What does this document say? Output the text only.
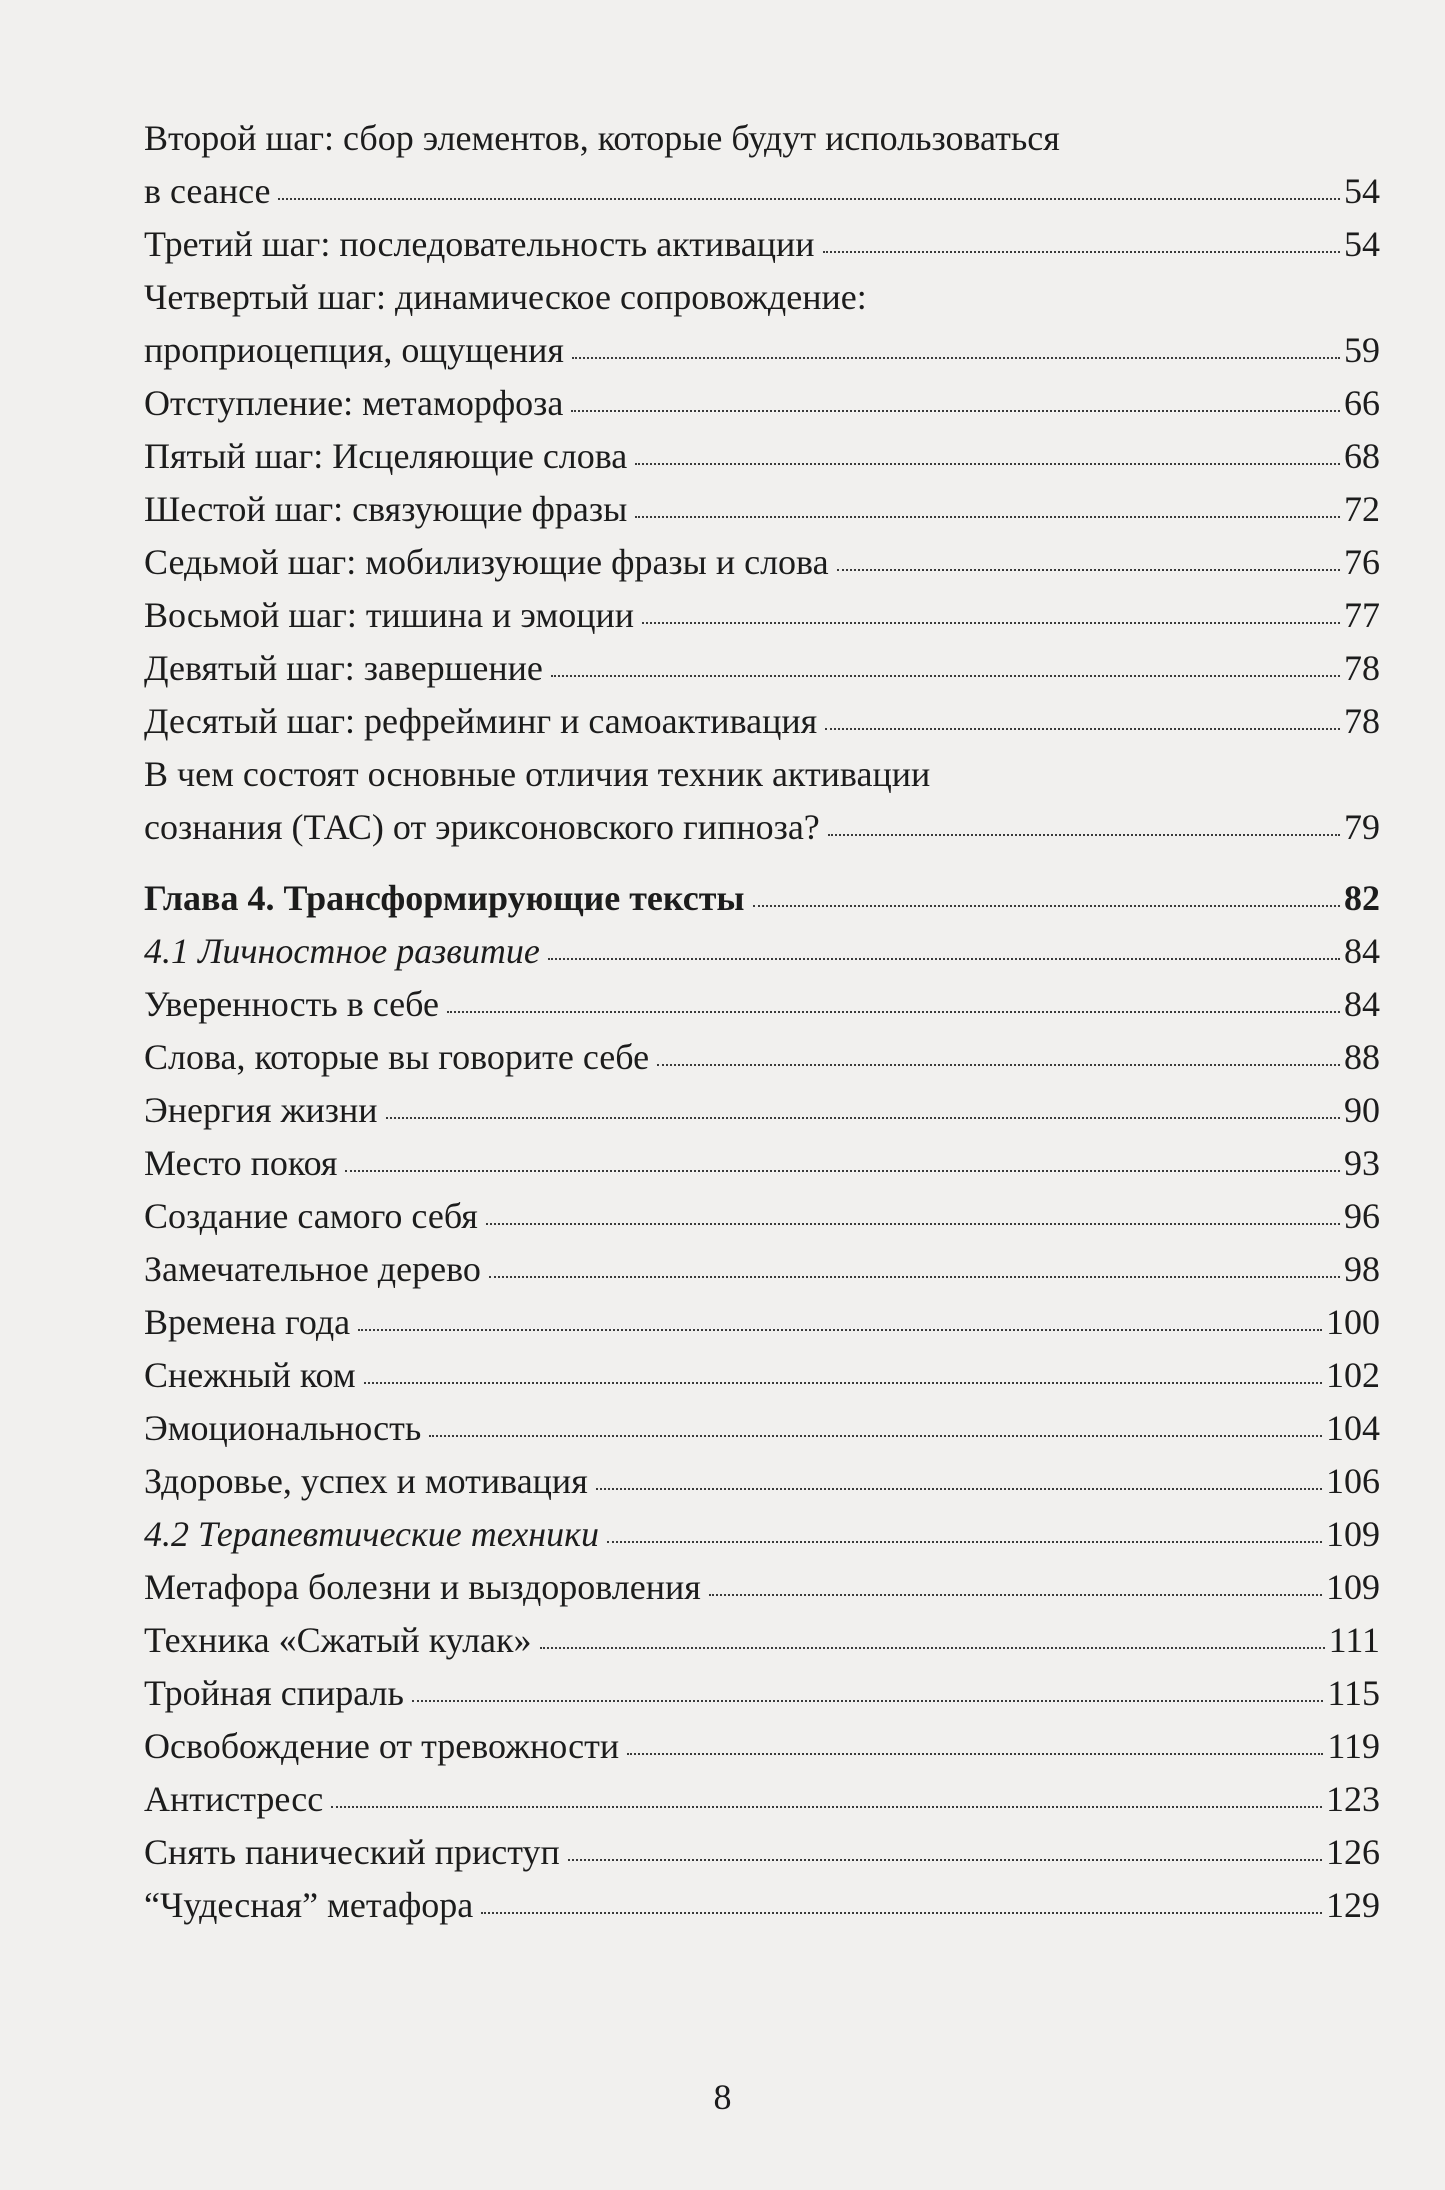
Второй шаг: сбор элементов, которые будут использоваться
в сеансе	54
Третий шаг: последовательность активации	54
Четвертый шаг: динамическое сопровождение:
проприоцепция, ощущения	59
Отступление: метаморфоза	66
Пятый шаг: Исцеляющие слова	68
Шестой шаг: связующие фразы	72
Седьмой шаг: мобилизующие фразы и слова	76
Восьмой шаг: тишина и эмоции	77
Девятый шаг: завершение	78
Десятый шаг: рефрейминг и самоактивация	78
В чем состоят основные отличия техник активации
сознания (ТАС) от эриксоновского гипноза?	79
Глава 4. Трансформирующие тексты	82
4.1 Личностное развитие	84
Уверенность в себе	84
Слова, которые вы говорите себе	88
Энергия жизни	90
Место покоя	93
Создание самого себя	96
Замечательное дерево	98
Времена года	100
Снежный ком	102
Эмоциональность	104
Здоровье, успех и мотивация	106
4.2 Терапевтические техники	109
Метафора болезни и выздоровления	109
Техника «Сжатый кулак»	111
Тройная спираль	115
Освобождение от тревожности	119
Антистресс	123
Снять панический приступ	126
“Чудесная” метафора	129
8
